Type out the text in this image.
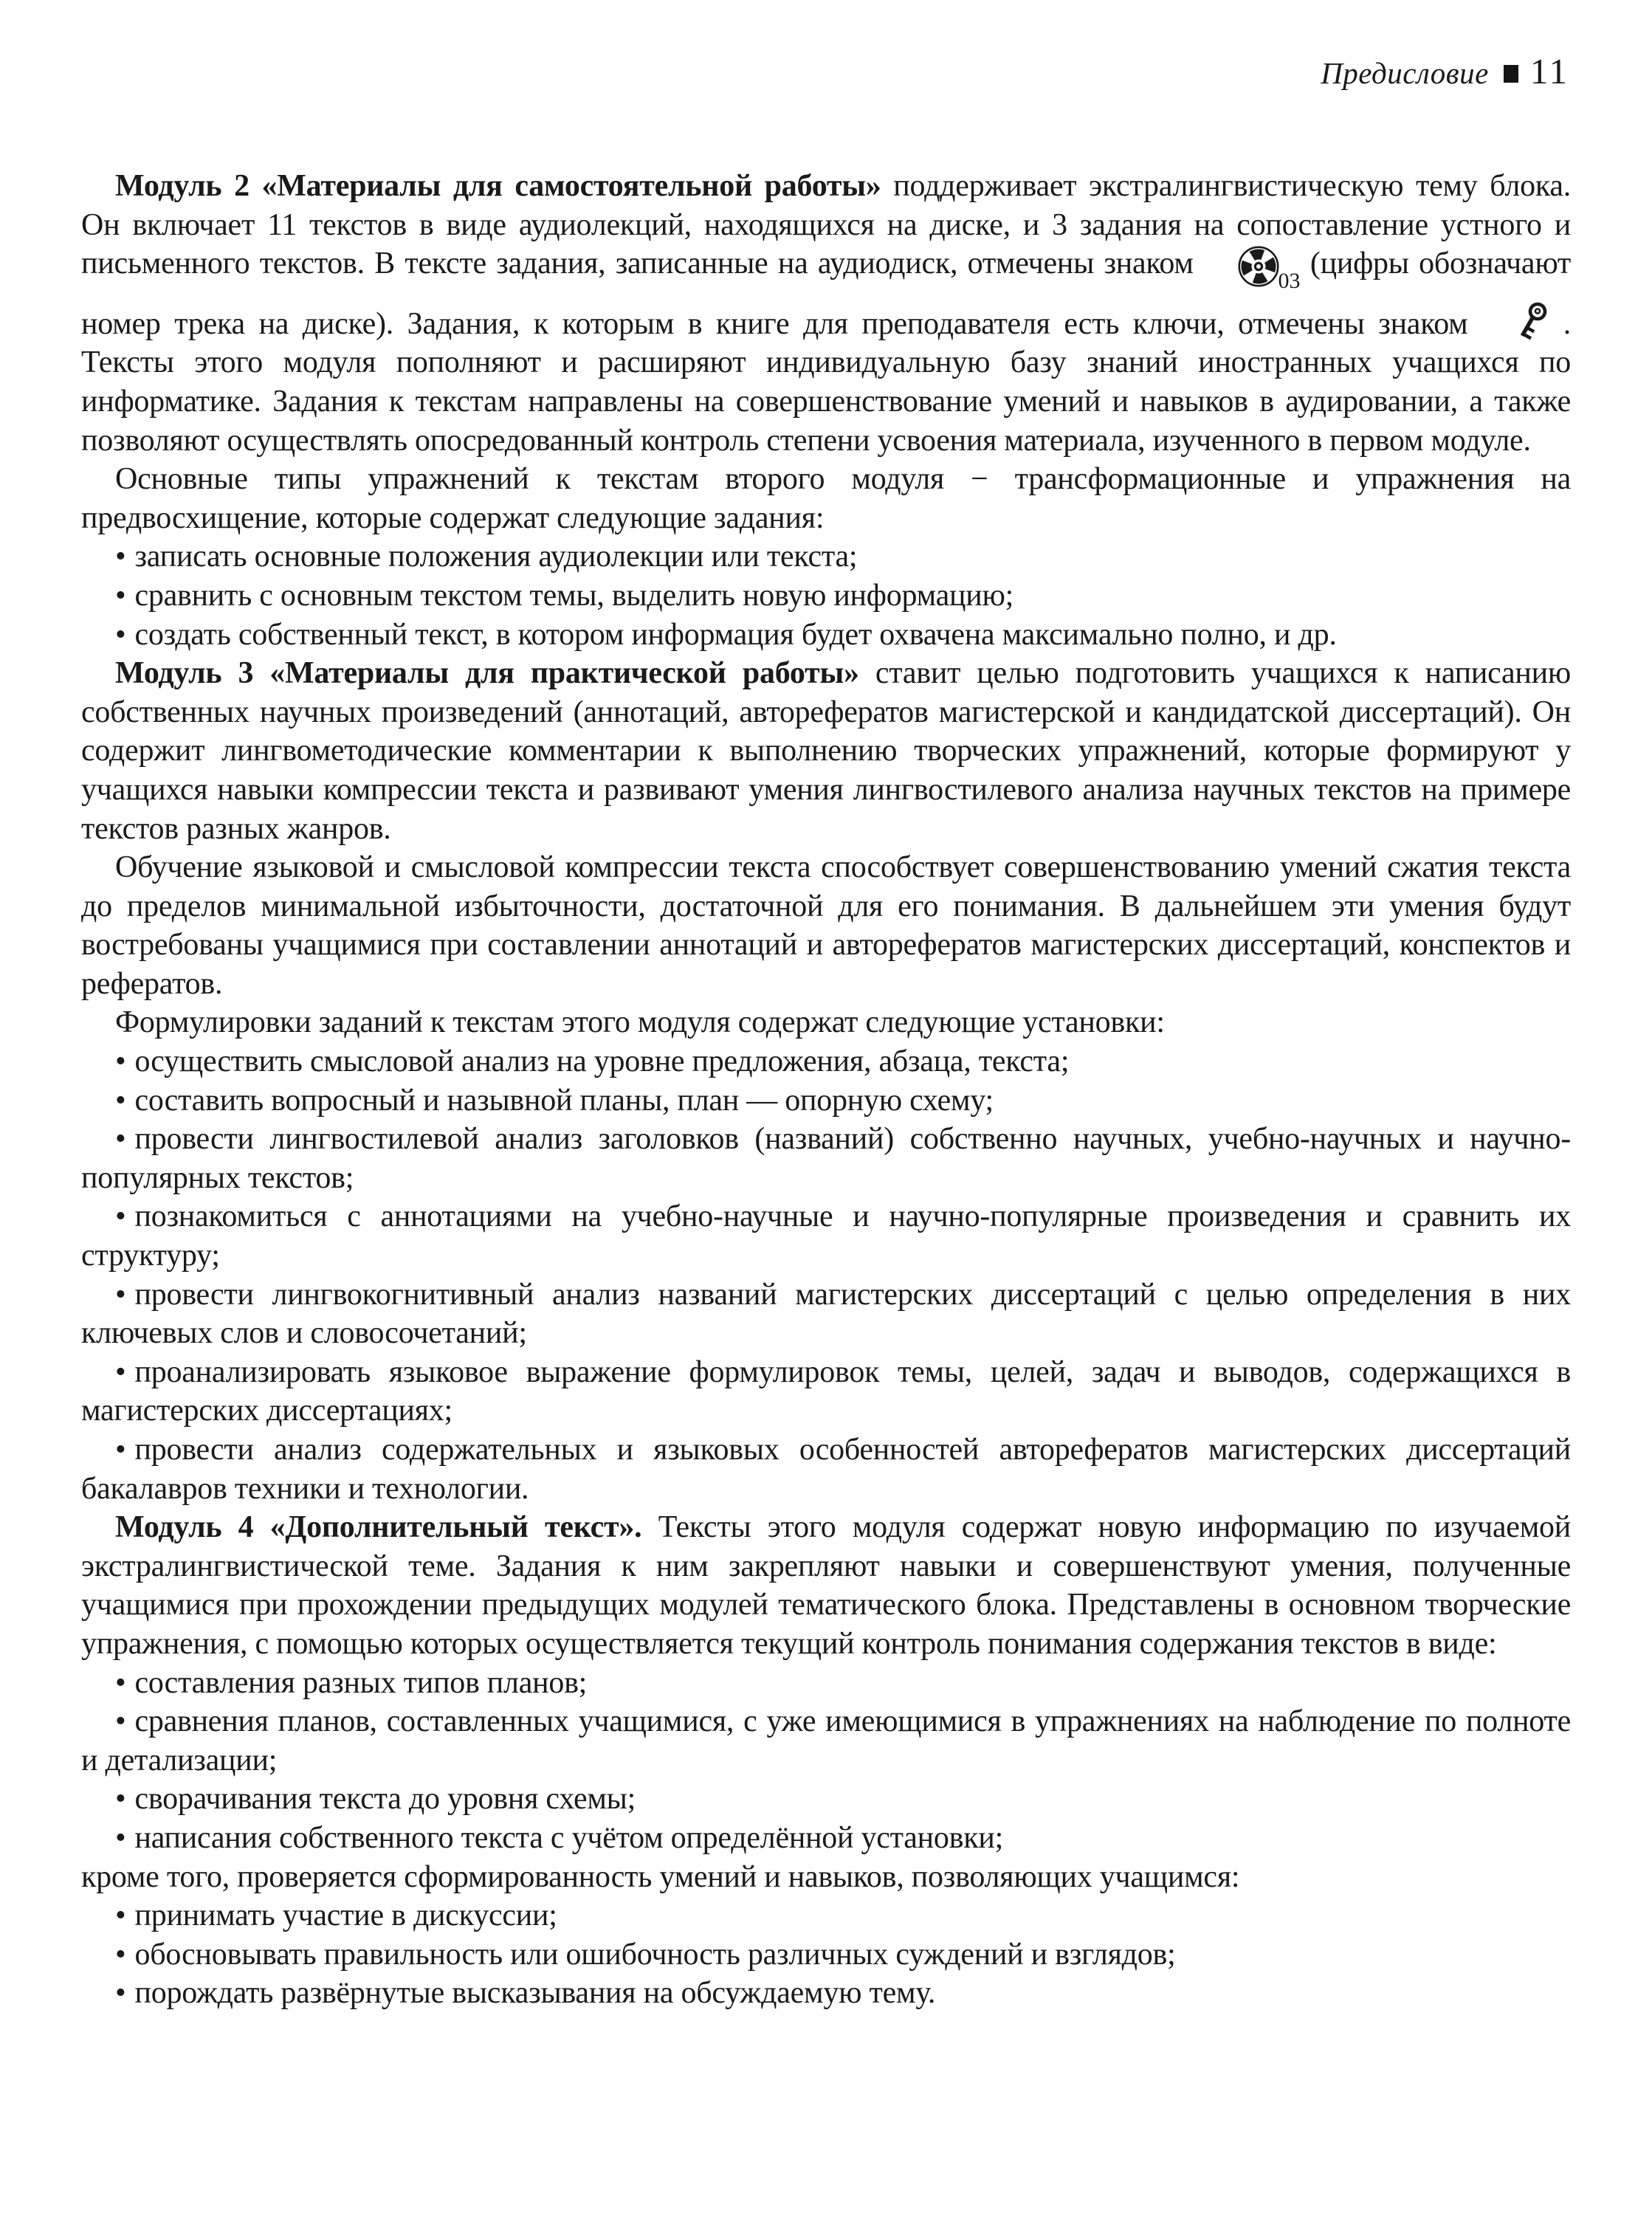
Предисловие 11

Модуль 2 «Материалы для самостоятельной работы» поддерживает экстралингвистическую тему блока. Он включает 11 текстов в виде аудиолекций, находящихся на диске, и 3 задания на сопоставление устного и письменного текстов. В тексте задания, записанные на аудиодиск, отмечены знаком  $_{03}$ (цифры обозначают номер трека на диске). Задания, к которым в книге для преподавателя есть ключи, отмечены знаком	. Тексты этого модуля пополняют и расширяют индивидуальную базу знаний иностранных учащихся по информатике. Задания к текстам направлены на совершенствование умений и навыков в аудировании, а также позволяют осуществлять опосредованный контроль степени усвоения материала, изученного в первом модуле.

Основные типы упражнений к текстам второго модуля − трансформационные и упражнения на предвосхищение, которые содержат следующие задания:

• записать основные положения аудиолекции или текста;

• сравнить с основным текстом темы, выделить новую информацию;

• создать собственный текст, в котором информация будет охвачена максимально полно, и др.

Модуль 3 «Материалы для практической работы» ставит целью подготовить учащихся к написанию собственных научных произведений (аннотаций, авторефератов магистерской и кандидатской диссертаций). Он содержит лингвометодические комментарии к выполнению творческих упражнений, которые формируют у учащихся навыки компрессии текста и развивают умения лингвостилевого анализа научных текстов на примере текстов разных жанров.

Обучение языковой и смысловой компрессии текста способствует совершенствованию умений сжатия текста до пределов минимальной избыточности, достаточной для его понимания. В дальнейшем эти умения будут востребованы учащимися при составлении аннотаций и авторефератов магистерских диссертаций, конспектов и рефератов.

Формулировки заданий к текстам этого модуля содержат следующие установки:

• осуществить смысловой анализ на уровне предложения, абзаца, текста;

• составить вопросный и назывной планы, план — опорную схему;

• провести лингвостилевой анализ заголовков (названий) собственно научных, учебно-научных и научно-популярных текстов;

• познакомиться с аннотациями на учебно-научные и научно-популярные произведения и сравнить их структуру;

• провести лингвокогнитивный анализ названий магистерских диссертаций с целью определения в них ключевых слов и словосочетаний;

• проанализировать языковое выражение формулировок темы, целей, задач и выводов, содержащихся в магистерских диссертациях;

• провести анализ содержательных и языковых особенностей авторефератов магистерских диссертаций бакалавров техники и технологии.

Модуль 4 «Дополнительный текст». Тексты этого модуля содержат новую информацию по изучаемой экстралингвистической теме. Задания к ним закрепляют навыки и совершенствуют умения, полученные учащимися при прохождении предыдущих модулей тематического блока. Представлены в основном творческие упражнения, с помощью которых осуществляется текущий контроль понимания содержания текстов в виде:

• составления разных типов планов;

• сравнения планов, составленных учащимися, с уже имеющимися в упражнениях на наблюдение по полноте и детализации;

• сворачивания текста до уровня схемы;

• написания собственного текста с учётом определённой установки;

кроме того, проверяется сформированность умений и навыков, позволяющих учащимся:

• принимать участие в дискуссии;

• обосновывать правильность или ошибочность различных суждений и взглядов;

• порождать развёрнутые высказывания на обсуждаемую тему.
